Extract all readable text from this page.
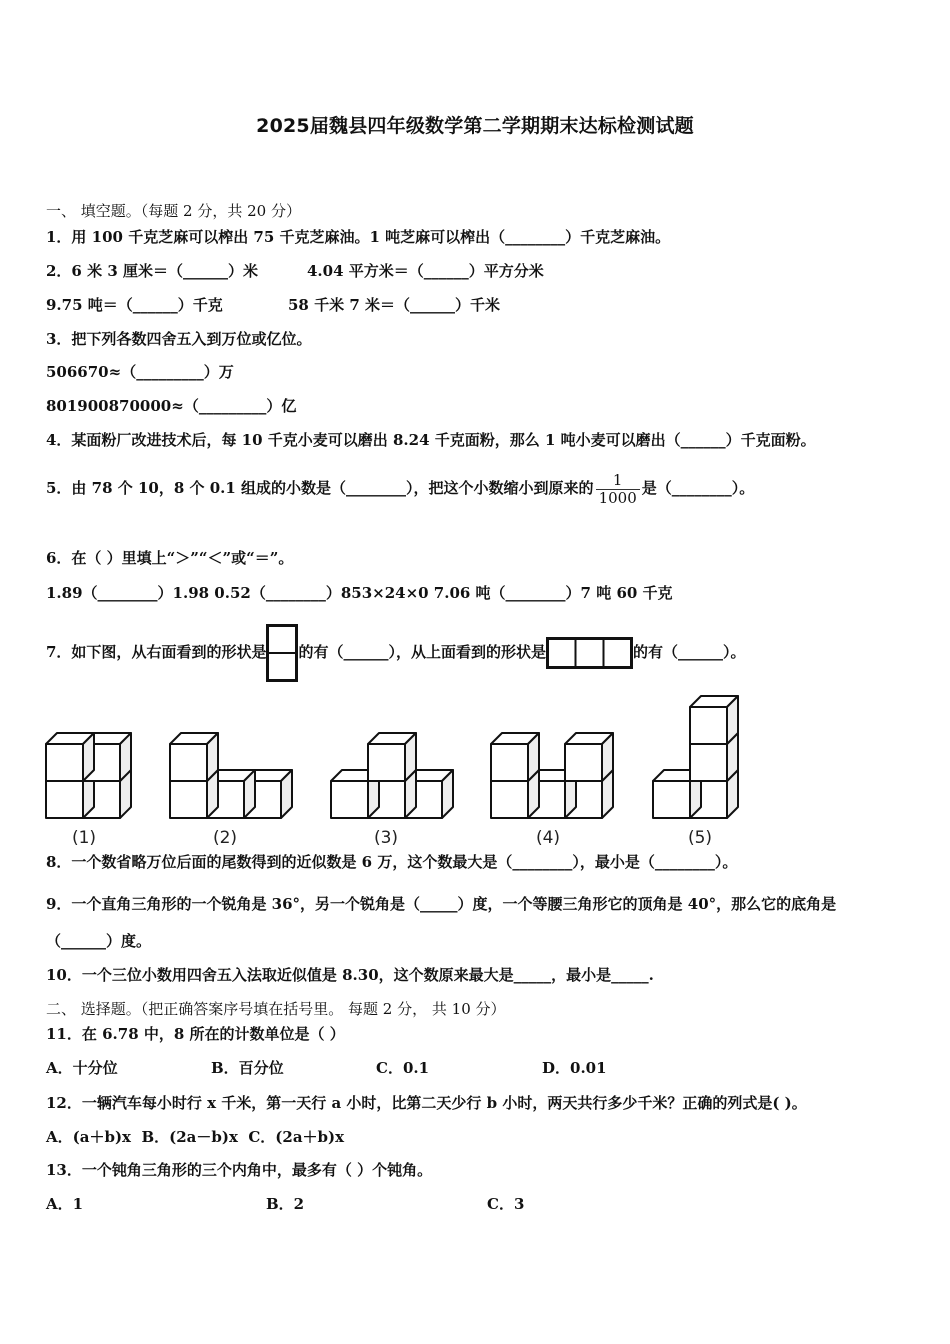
2025届魏县四年级数学第二学期期末达标检测试题
一、 填空题。（每题 2 分，共 20 分）
1．用 100 千克芝麻可以榨出 75 千克芝麻油。1 吨芝麻可以榨出（________）千克芝麻油。
2．6 米 3 厘米＝（______）米	4.04 平方米＝（______）平方分米
9.75 吨＝（______）千克	58 千米 7 米＝（______）千米
3．把下列各数四舍五入到万位或亿位。
506670≈（_________）万
801900870000≈（_________）亿
4．某面粉厂改进技术后，每 10 千克小麦可以磨出 8.24 千克面粉，那么 1 吨小麦可以磨出（______）千克面粉。
5．由 78 个 10，8 个 0.1 组成的小数是（________），把这个小数缩小到原来的 $\frac{1}{1000}$ 是（________）。
6．在（ ）里填上“＞”“＜”或“＝”。
1.89（________）1.98 0.52（________）853×24×0 7.06 吨（________）7 吨 60 千克
7．如下图，从右面看到的形状是 的有（______），从上面看到的形状是	的有（______）。
(1)	(2)	(3)	(4)	(5)
8．一个数省略万位后面的尾数得到的近似数是 6 万，这个数最大是（________），最小是（________）。
9．一个直角三角形的一个锐角是 36°，另一个锐角是（_____）度，一个等腰三角形它的顶角是 40°，那么它的底角是
（______）度。
10．一个三位小数用四舍五入法取近似值是 8.30，这个数原来最大是_____，最小是_____.
二、 选择题。（把正确答案序号填在括号里。 每题 2 分， 共 10 分）
11．在 6.78 中，8 所在的计数单位是（ ）
A．十分位	B．百分位	C．0.1	D．0.01
12．一辆汽车每小时行 x 千米，第一天行 a 小时，比第二天少行 b 小时，两天共行多少千米？正确的列式是( )。
A．(a＋b)x B．(2a－b)x C．(2a＋b)x
13．一个钝角三角形的三个内角中，最多有（ ）个钝角。
A．1	B．2	C．3
